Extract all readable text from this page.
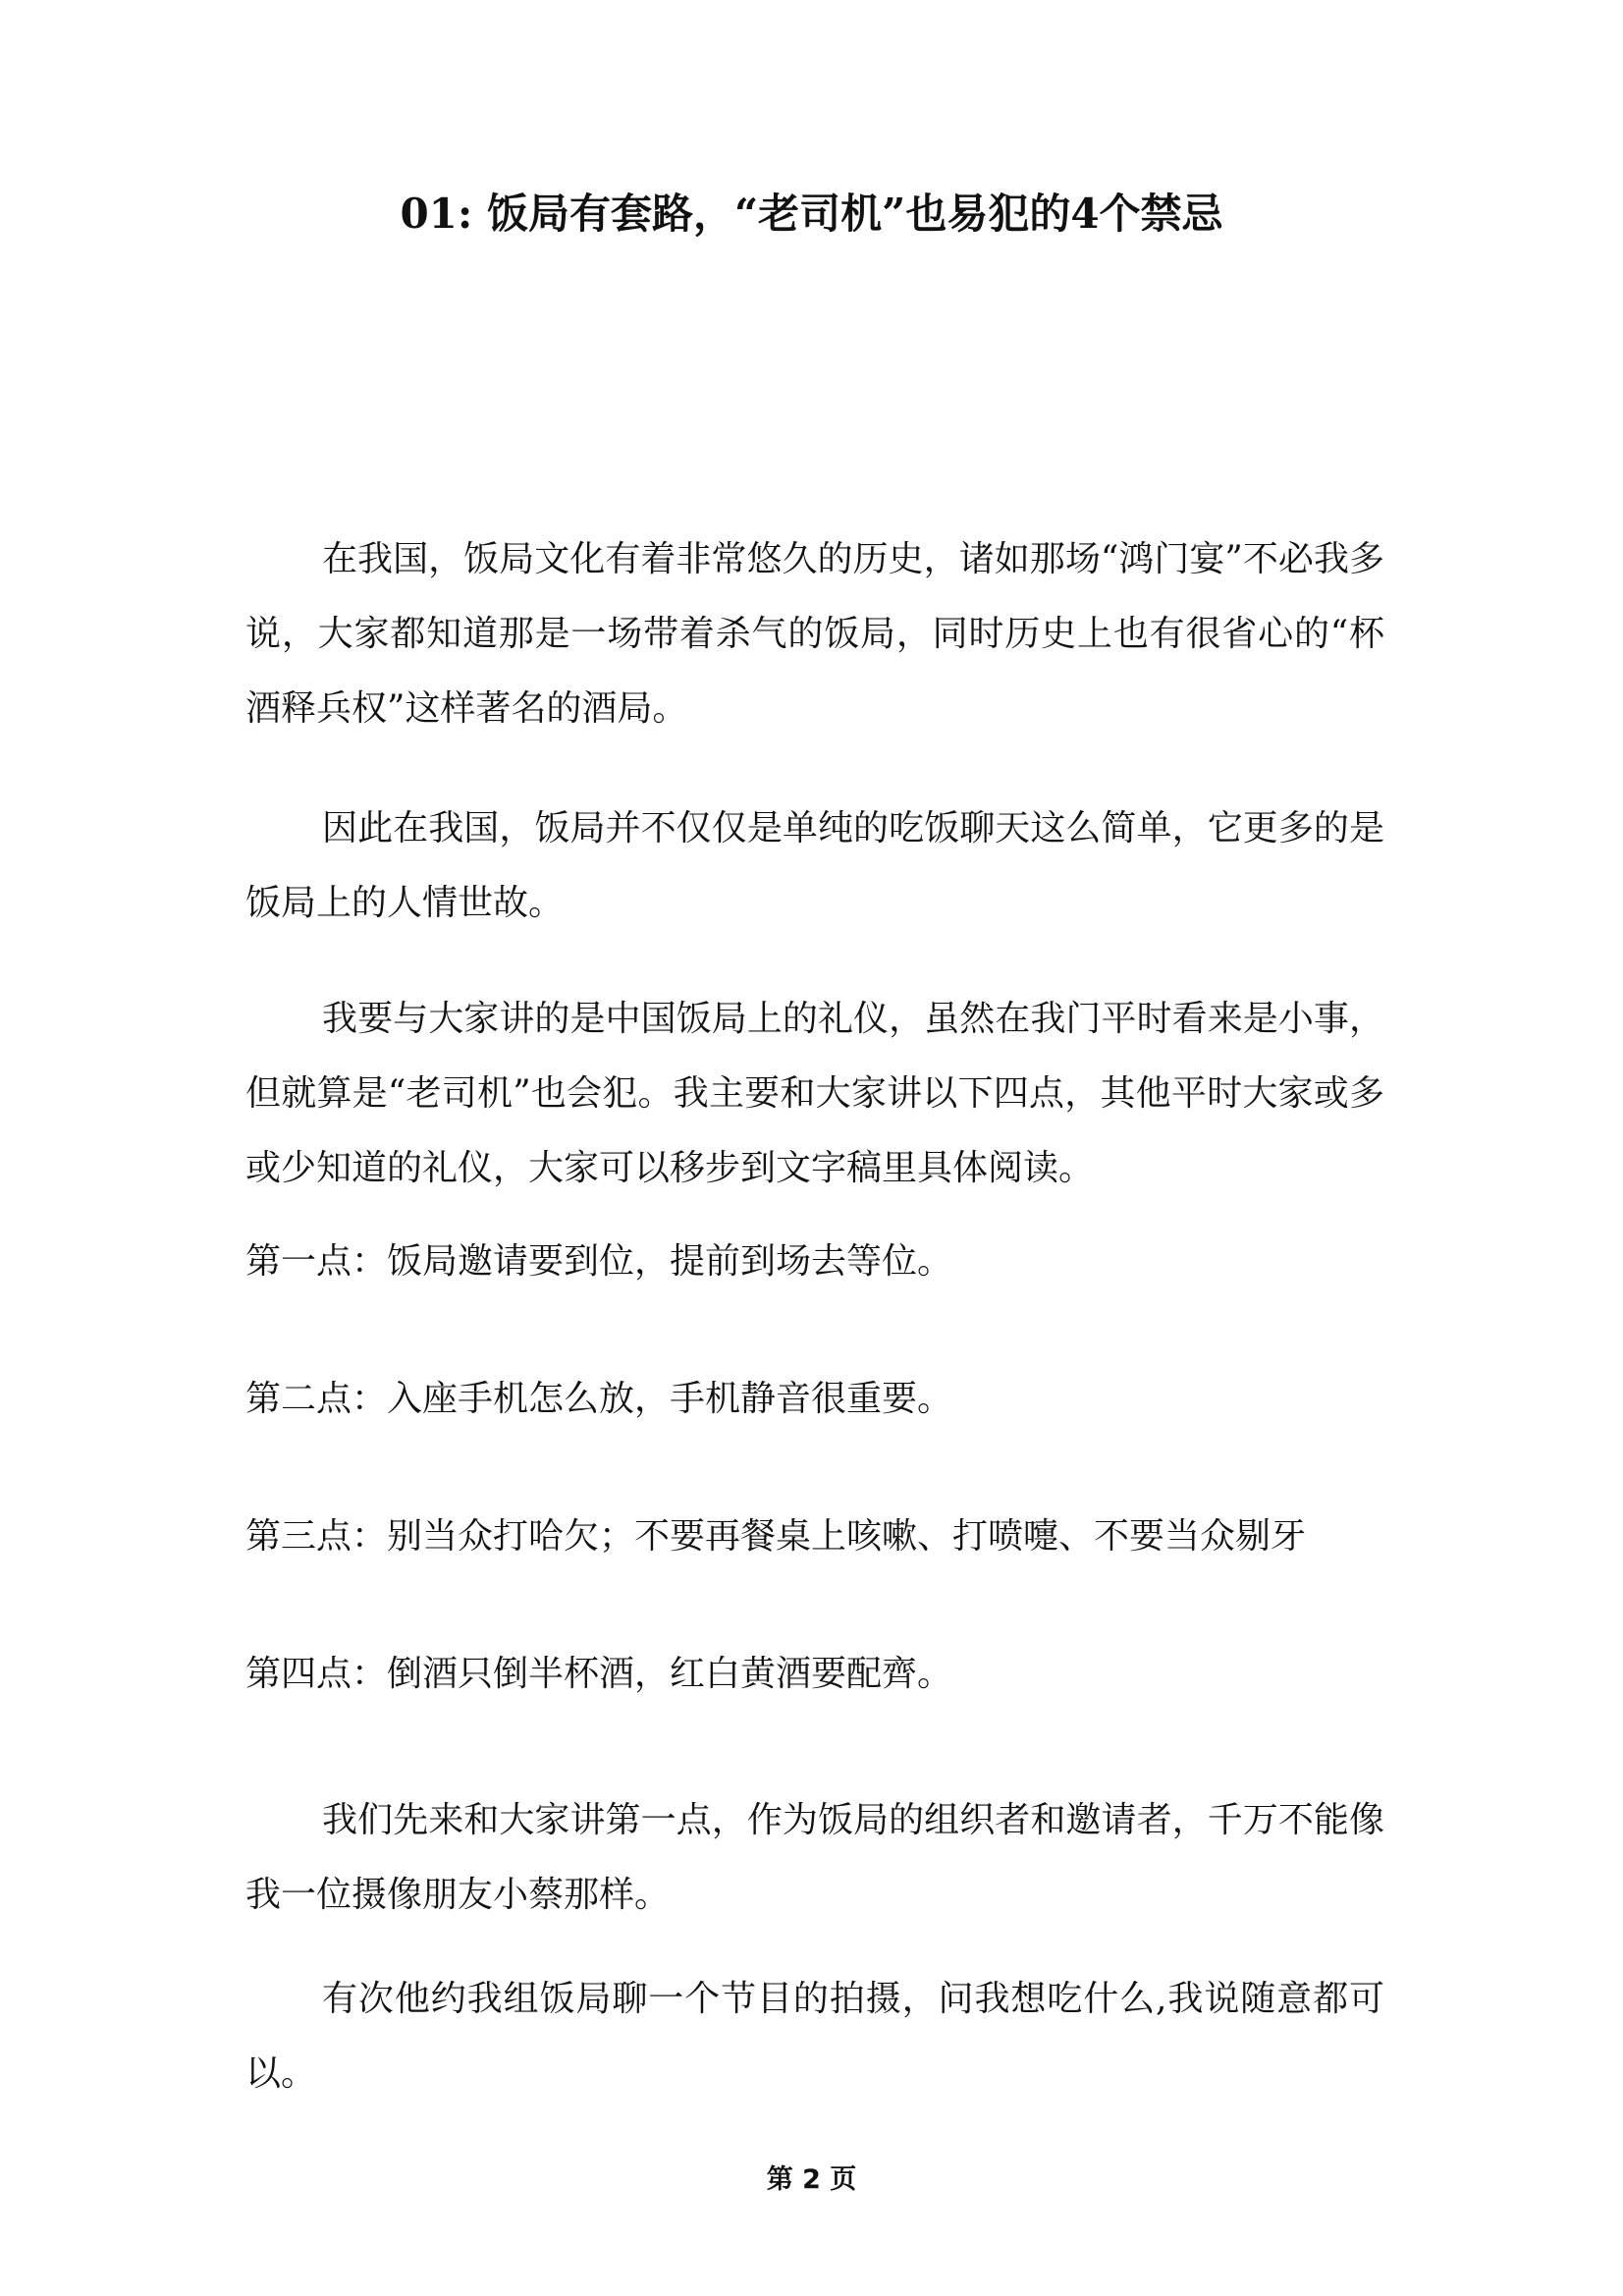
01: 饭局有套路，“老司机”也易犯的4个禁忌

在我国，饭局文化有着非常悠久的历史，诸如那场“鸿门宴”不必我多说，大家都知道那是一场带着杀气的饭局，同时历史上也有很省心的“杯酒释兵权”这样著名的酒局。

因此在我国，饭局并不仅仅是单纯的吃饭聊天这么简单，它更多的是饭局上的人情世故。

我要与大家讲的是中国饭局上的礼仪，虽然在我门平时看来是小事，但就算是“老司机”也会犯。我主要和大家讲以下四点，其他平时大家或多或少知道的礼仪，大家可以移步到文字稿里具体阅读。

第一点：饭局邀请要到位，提前到场去等位。

第二点：入座手机怎么放，手机静音很重要。

第三点：别当众打哈欠；不要再餐桌上咳嗽、打喷嚏、不要当众剔牙

第四点：倒酒只倒半杯酒，红白黄酒要配齊。

我们先来和大家讲第一点，作为饭局的组织者和邀请者，千万不能像我一位摄像朋友小蔡那样。

有次他约我组饭局聊一个节目的拍摄，问我想吃什么,我说随意都可以。

第 2 页
